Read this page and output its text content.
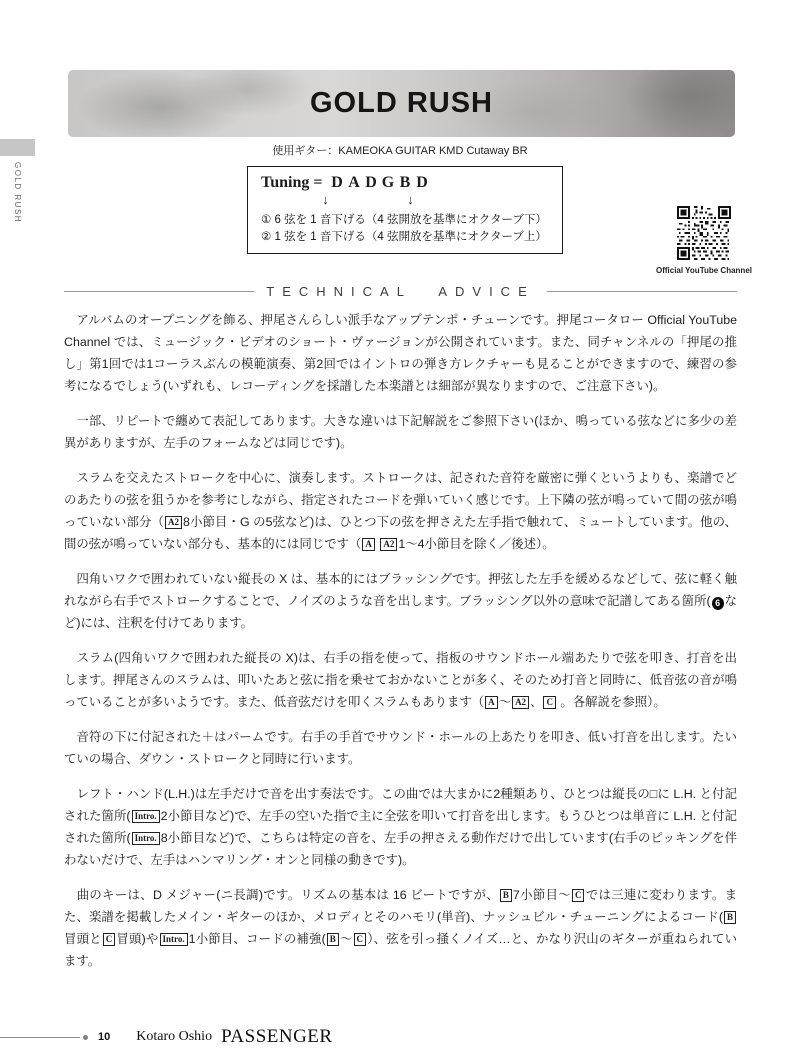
GOLD RUSH
GOLD RUSH
使用ギター：KAMEOKA GUITAR KMD Cutaway BR
Tuning = D A D G B D
↓	↓
① 6 弦を 1 音下げる（4 弦開放を基準にオクターブ下）
② 1 弦を 1 音下げる（4 弦開放を基準にオクターブ上）
Official YouTube Channel
TECHNICAL ADVICE

　アルバムのオープニングを飾る、押尾さんらしい派手なアップテンポ・チューンです。押尾コータロー Official YouTube Channel では、ミュージック・ビデオのショート・ヴァージョンが公開されています。また、同チャンネルの「押尾の推し」第1回では1コーラスぶんの模範演奏、第2回ではイントロの弾き方レクチャーも見ることができますので、練習の参考になるでしょう(いずれも、レコーディングを採譜した本楽譜とは細部が異なりますので、ご注意下さい)。

　一部、リピートで纏めて表記してあります。大きな違いは下記解説をご参照下さい(ほか、鳴っている弦などに多少の差異がありますが、左手のフォームなどは同じです)。

　スラムを交えたストロークを中心に、演奏します。ストロークは、記された音符を厳密に弾くというよりも、楽譜でどのあたりの弦を狙うかを参考にしながら、指定されたコードを弾いていく感じです。上下隣の弦が鳴っていて間の弦が鳴っていない部分（ A2 8小節目・G の5弦など)は、ひとつ下の弦を押さえた左手指で触れて、ミュートしています。他の、間の弦が鳴っていない部分も、基本的には同じです（ A A2 1～4小節目を除く／後述）。

　四角いワクで囲われていない縦長の X は、基本的にはブラッシングです。押弦した左手を緩めるなどして、弦に軽く触れながら右手でストロークすることで、ノイズのような音を出します。ブラッシング以外の意味で記譜してある箇所( 6 など)には、注釈を付けてあります。

　スラム(四角いワクで囲われた縦長の X)は、右手の指を使って、指板のサウンドホール端あたりで弦を叩き、打音を出します。押尾さんのスラムは、叩いたあと弦に指を乗せておかないことが多く、そのため打音と同時に、低音弦の音が鳴っていることが多いようです。また、低音弦だけを叩くスラムもあります（ A ～ A2 、 C 。各解説を参照）。

　音符の下に付記された＋はパームです。右手の手首でサウンド・ホールの上あたりを叩き、低い打音を出します。たいていの場合、ダウン・ストロークと同時に行います。

　レフト・ハンド(L.H.)は左手だけで音を出す奏法です。この曲では大まかに2種類あり、ひとつは縦長の□に L.H. と付記された箇所( Intro. 2小節目など)で、左手の空いた指で主に全弦を叩いて打音を出します。もうひとつは単音に L.H. と付記された箇所( Intro. 8小節目など)で、こちらは特定の音を、左手の押さえる動作だけで出しています(右手のピッキングを伴わないだけで、左手はハンマリング・オンと同様の動きです)。

　曲のキーは、D メジャー(ニ長調)です。リズムの基本は 16 ビートですが、 B 7小節目～ C では三連に変わります。また、楽譜を掲載したメイン・ギターのほか、メロディとそのハモリ(単音)、ナッシュビル・チューニングによるコード( B冒頭と C 冒頭)や Intro. 1小節目、コードの補強( B ～ C ）、弦を引っ掻くノイズ…と、かなり沢山のギターが重ねられています。

10 Kotaro Oshio PASSENGER
